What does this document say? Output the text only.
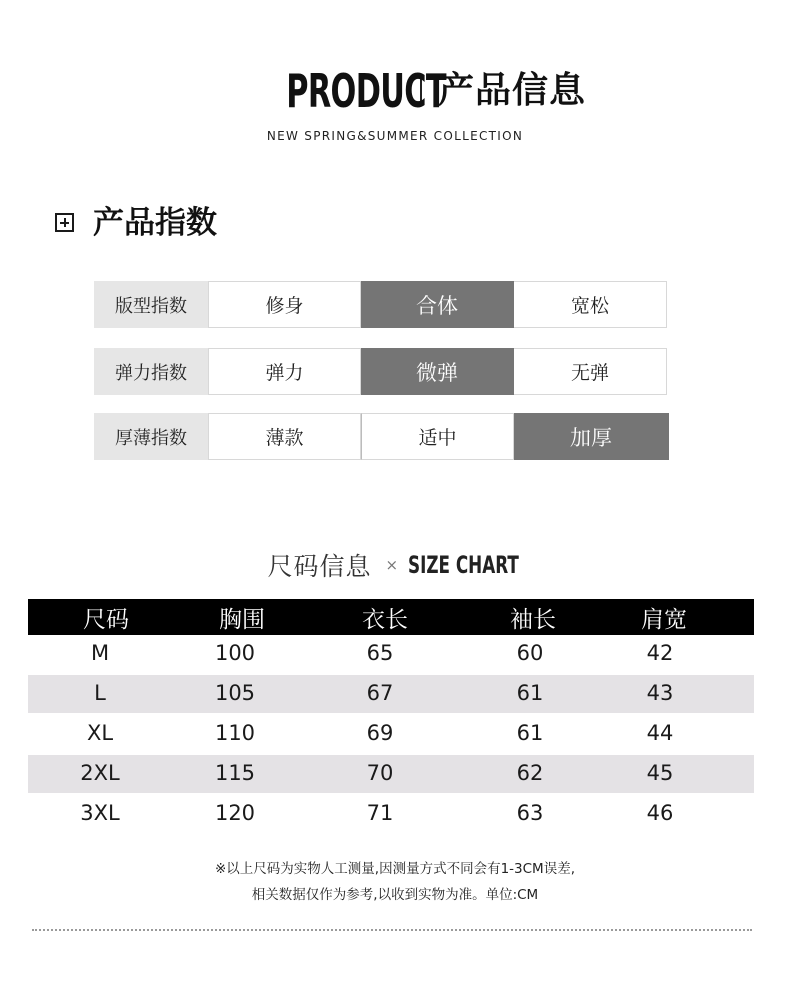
PRODUCT
产品信息
NEW SPRING&SUMMER COLLECTION
产品指数
版型指数	修身	合体	宽松
弹力指数	弹力	微弹	无弹
厚薄指数	薄款	适中	加厚
尺码信息 × SIZE CHART
尺码	胸围	衣长	袖长	肩宽
M	100	65	60	42
L	105	67	61	43
XL	110	69	61	44
2XL	115	70	62	45
3XL	120	71	63	46
※以上尺码为实物人工测量,因测量方式不同会有1-3CM误差,
相关数据仅作为参考,以收到实物为准。单位:CM
